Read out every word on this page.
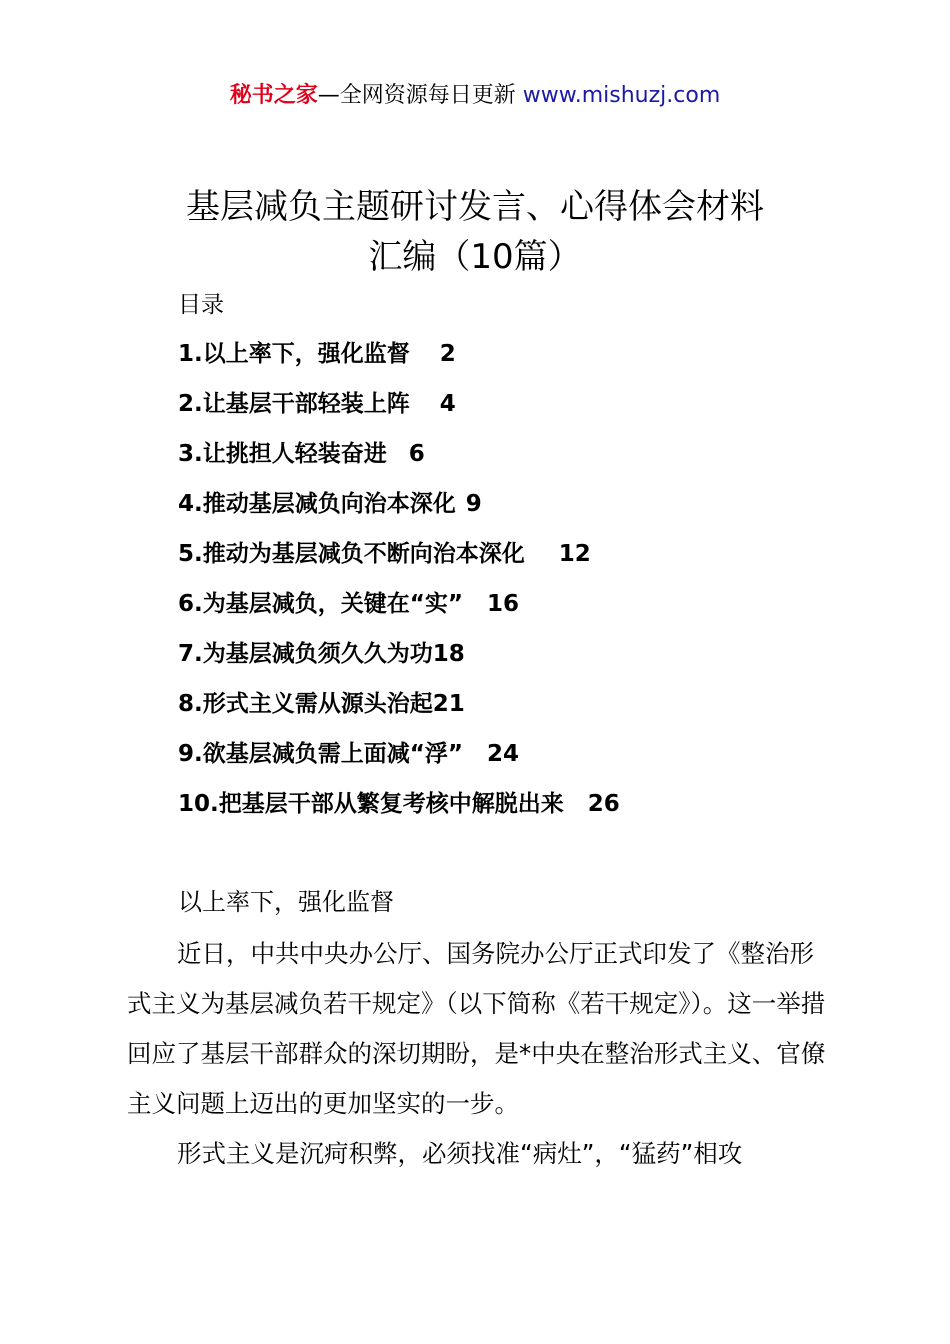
秘书之家—全网资源每日更新 www.mishuzj.com
基层减负主题研讨发言、心得体会材料
汇编（10篇）
目录
1.以上率下，强化监督 2
2.让基层干部轻装上阵 4
3.让挑担人轻装奋进 6
4.推动基层减负向治本深化 9
5.推动为基层减负不断向治本深化 12
6.为基层减负，关键在“实” 16
7.为基层减负须久久为功18
8.形式主义需从源头治起21
9.欲基层减负需上面减“浮” 24
10.把基层干部从繁复考核中解脱出来 26
以上率下，强化监督

近日，中共中央办公厅、国务院办公厅正式印发了《整治形式主义为基层减负若干规定》（以下简称《若干规定》）。这一举措回应了基层干部群众的深切期盼，是*中央在整治形式主义、官僚主义问题上迈出的更加坚实的一步。

形式主义是沉疴积弊，必须找准“病灶”，“猛药”相攻
